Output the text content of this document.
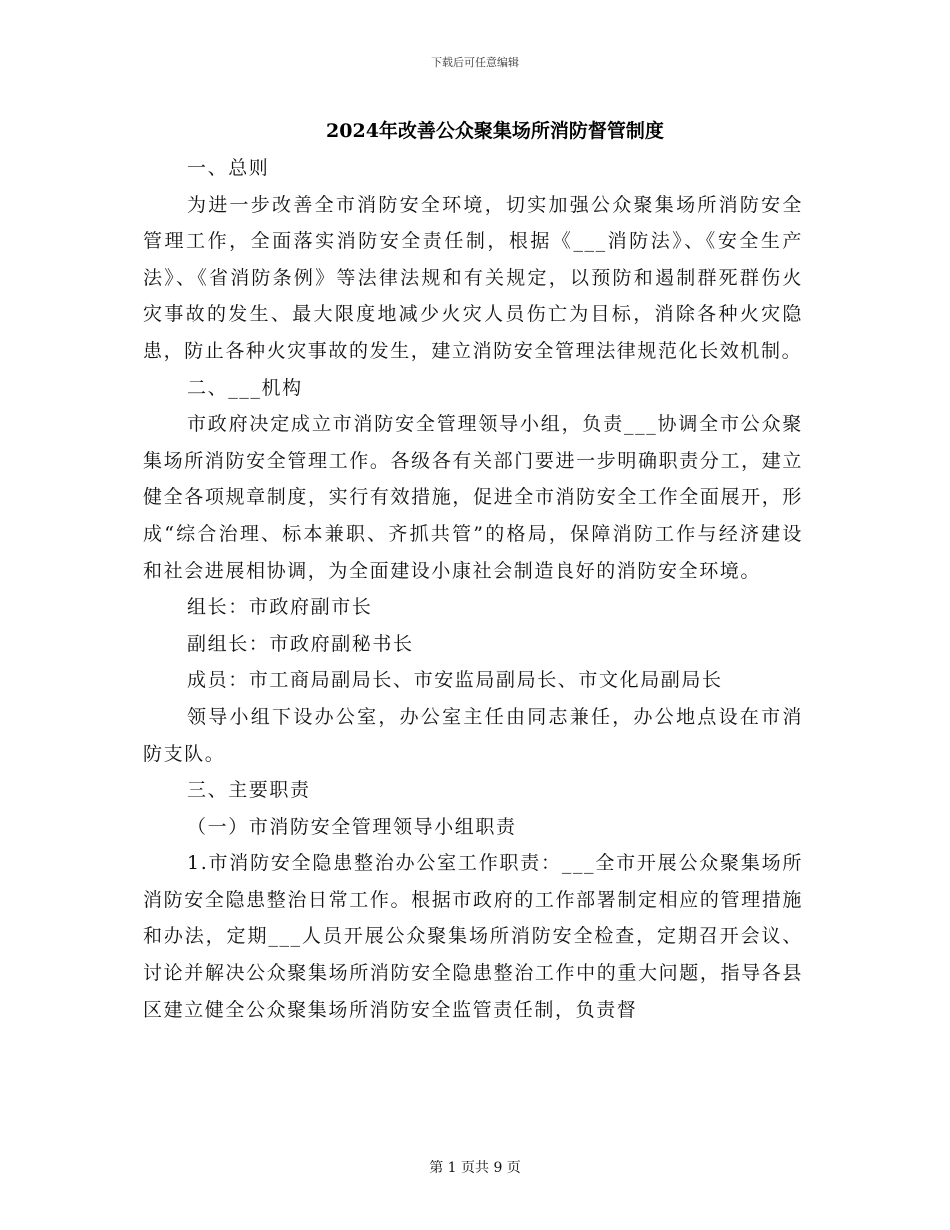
下载后可任意编辑
2024年改善公众聚集场所消防督管制度

一、总则

为进一步改善全市消防安全环境，切实加强公众聚集场所消防安全管理工作，全面落实消防安全责任制，根据《___消防法》、《安全生产法》、《省消防条例》等法律法规和有关规定，以预防和遏制群死群伤火灾事故的发生、最大限度地减少火灾人员伤亡为目标，消除各种火灾隐患，防止各种火灾事故的发生，建立消防安全管理法律规范化长效机制。

二、___机构

市政府决定成立市消防安全管理领导小组，负责___协调全市公众聚集场所消防安全管理工作。各级各有关部门要进一步明确职责分工，建立健全各项规章制度，实行有效措施，促进全市消防安全工作全面展开，形成“综合治理、标本兼职、齐抓共管”的格局，保障消防工作与经济建设和社会进展相协调，为全面建设小康社会制造良好的消防安全环境。

组长：市政府副市长

副组长：市政府副秘书长

成员：市工商局副局长、市安监局副局长、市文化局副局长

领导小组下设办公室，办公室主任由同志兼任，办公地点设在市消防支队。

三、主要职责

（一）市消防安全管理领导小组职责

1.市消防安全隐患整治办公室工作职责：___全市开展公众聚集场所消防安全隐患整治日常工作。根据市政府的工作部署制定相应的管理措施和办法，定期___人员开展公众聚集场所消防安全检查，定期召开会议、讨论并解决公众聚集场所消防安全隐患整治工作中的重大问题，指导各县区建立健全公众聚集场所消防安全监管责任制，负责督

第 1 页共 9 页
